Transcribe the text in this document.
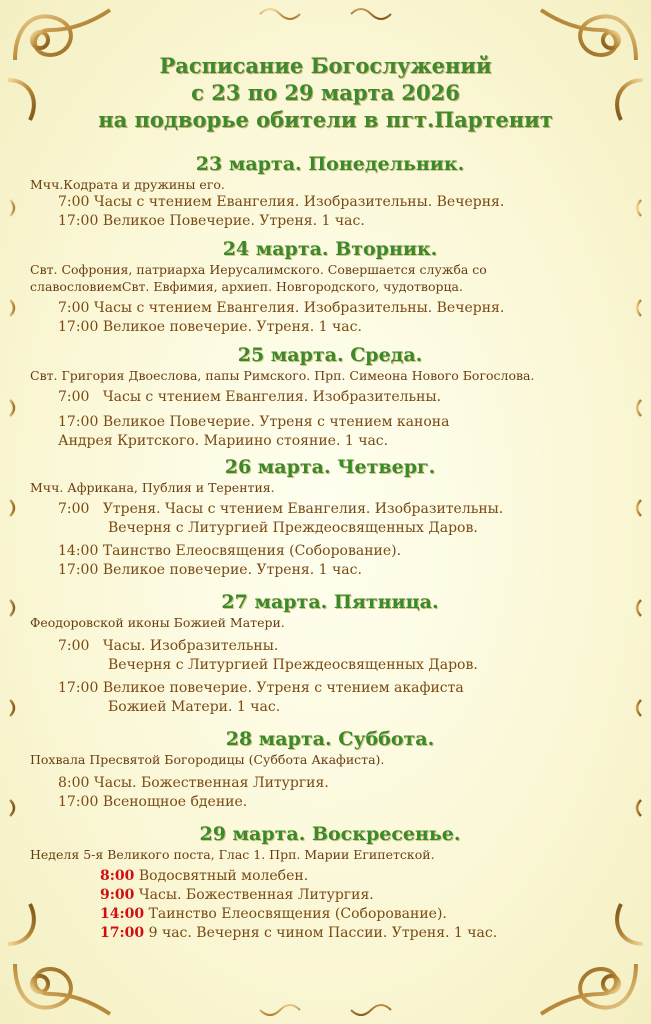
Расписание Богослужений
с 23 по 29 марта 2026
на подворье обители в пгт.Партенит
23 марта. Понедельник.
Мчч.Кодрата и дружины его.
7:00 Часы с чтением Евангелия. Изобразительны. Вечерня.
17:00 Великое Повечерие. Утреня. 1 час.
24 марта. Вторник.
Свт. Софрония, патриарха Иерусалимского. Совершается служба со
славословиемСвт. Евфимия, архиеп. Новгородского, чудотворца.
7:00 Часы с чтением Евангелия. Изобразительны. Вечерня.
17:00 Великое повечерие. Утреня. 1 час.
25 марта. Среда.
Свт. Григория Двоеслова, папы Римского. Прп. Симеона Нового Богослова.
7:00 Часы с чтением Евангелия. Изобразительны.
17:00 Великое Повечерие. Утреня с чтением канона
Андрея Критского. Мариино стояние. 1 час.
26 марта. Четверг.
Мчч. Африкана, Публия и Терентия.
7:00 Утреня. Часы с чтением Евангелия. Изобразительны.
Вечерня с Литургией Преждеосвященных Даров.
14:00 Таинство Елеосвящения (Соборование).
17:00 Великое повечерие. Утреня. 1 час.
27 марта. Пятница.
Феодоровской иконы Божией Матери.
7:00 Часы. Изобразительны.
Вечерня с Литургией Преждеосвященных Даров.
17:00 Великое повечерие. Утреня с чтением акафиста
Божией Матери. 1 час.
28 марта. Суббота.
Похвала Пресвятой Богородицы (Суббота Акафиста).
8:00 Часы. Божественная Литургия.
17:00 Всенощное бдение.
29 марта. Воскресенье.
Неделя 5-я Великого поста, Глас 1. Прп. Марии Египетской.
8:00 Водосвятный молебен.
9:00 Часы. Божественная Литургия.
14:00 Таинство Елеосвящения (Соборование).
17:00 9 час. Вечерня с чином Пассии. Утреня. 1 час.
